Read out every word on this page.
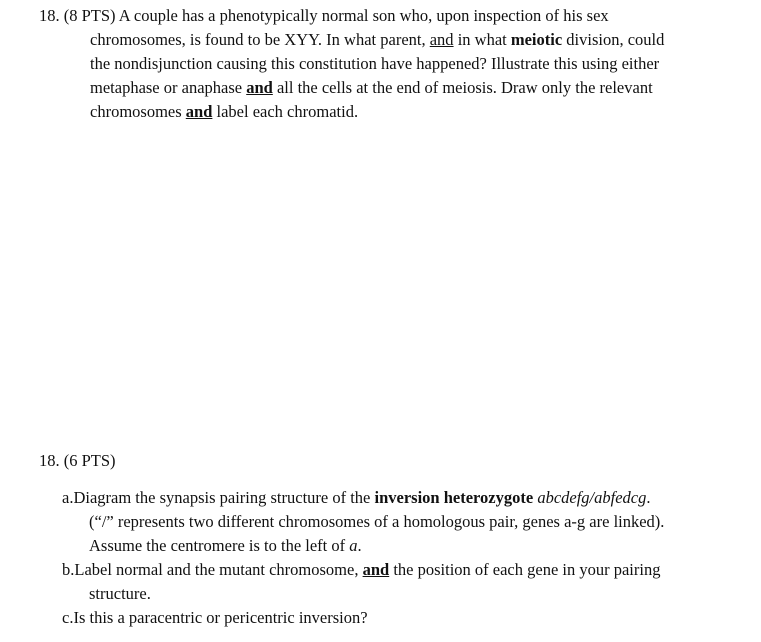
18. (8 PTS) A couple has a phenotypically normal son who, upon inspection of his sex
chromosomes, is found to be XYY. In what parent, and in what meiotic division, could
the nondisjunction causing this constitution have happened? Illustrate this using either
metaphase or anaphase and all the cells at the end of meiosis. Draw only the relevant
chromosomes and label each chromatid.
18. (6 PTS)
a.Diagram the synapsis pairing structure of the inversion heterozygote abcdefg/abfedcg.
(“/” represents two different chromosomes of a homologous pair, genes a-g are linked).
Assume the centromere is to the left of a.
b.Label normal and the mutant chromosome, and the position of each gene in your pairing
structure.
c.Is this a paracentric or pericentric inversion?
